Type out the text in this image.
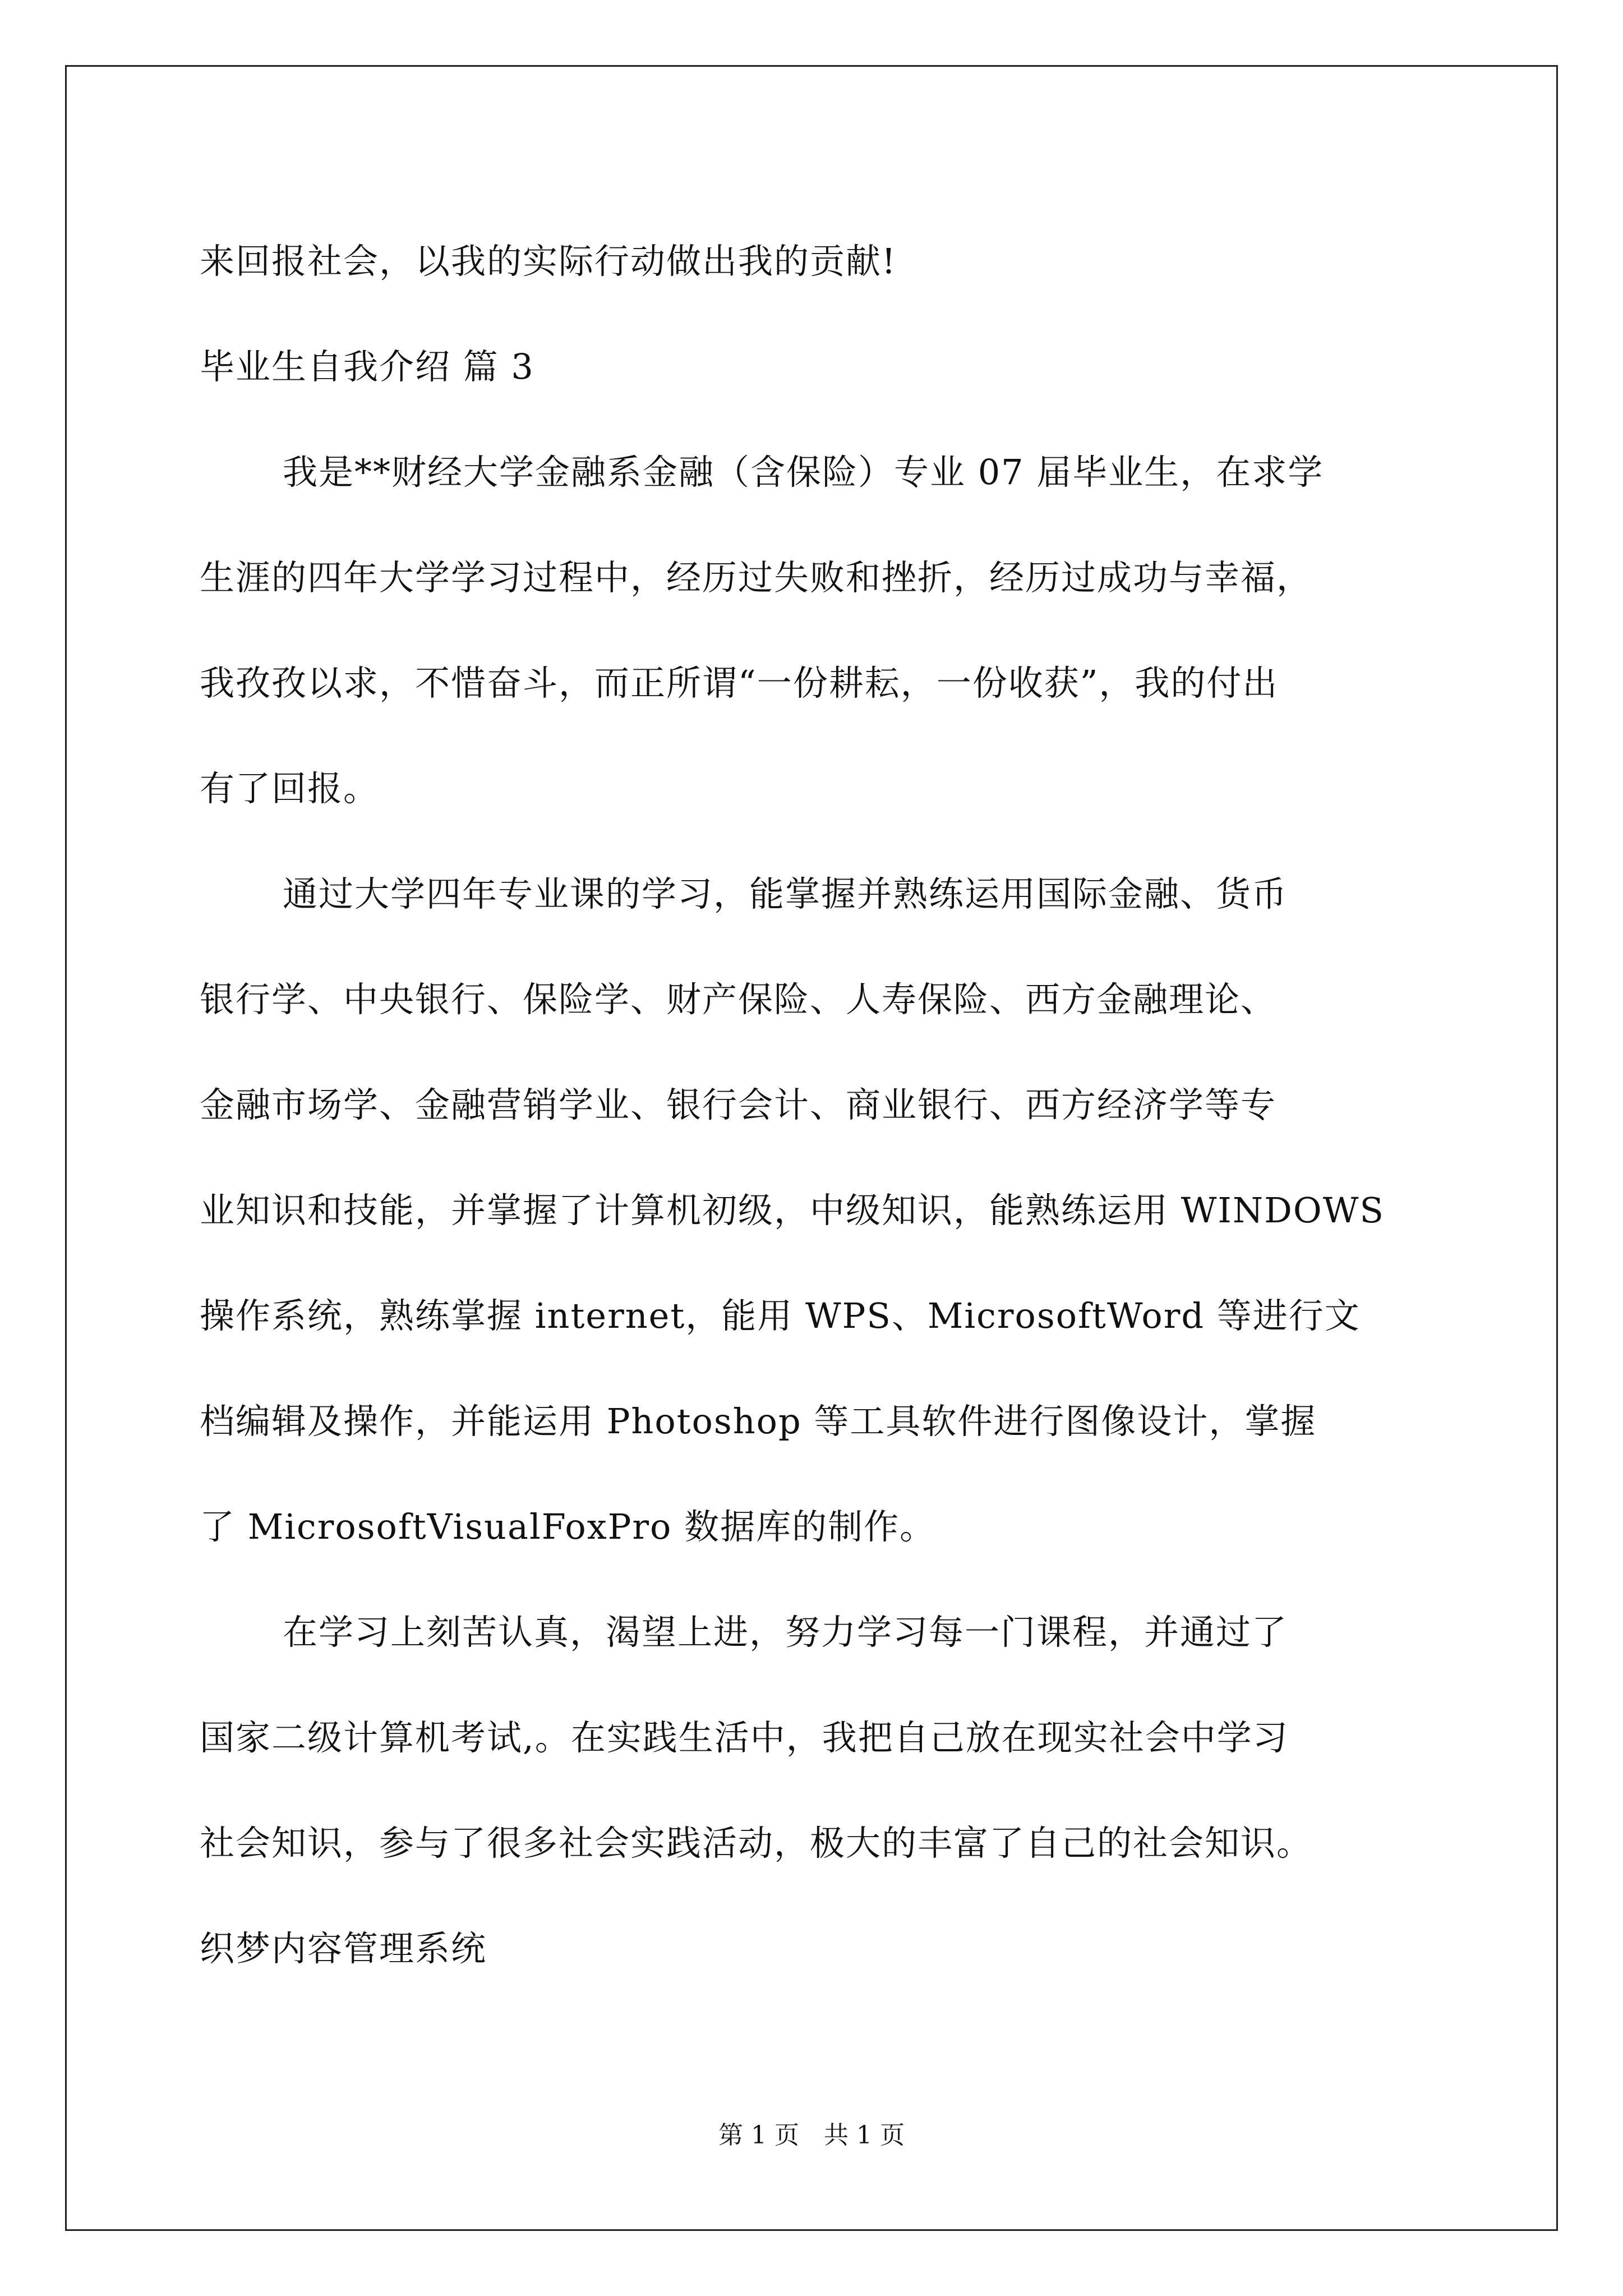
来回报社会，以我的实际行动做出我的贡献!
毕业生自我介绍 篇 3
我是**财经大学金融系金融（含保险）专业 07 届毕业生，在求学
生涯的四年大学学习过程中，经历过失败和挫折，经历过成功与幸福，
我孜孜以求，不惜奋斗，而正所谓“一份耕耘，一份收获”，我的付出
有了回报。
通过大学四年专业课的学习，能掌握并熟练运用国际金融、货币
银行学、中央银行、保险学、财产保险、人寿保险、西方金融理论、
金融市场学、金融营销学业、银行会计、商业银行、西方经济学等专
业知识和技能，并掌握了计算机初级，中级知识，能熟练运用 WINDOWS
操作系统，熟练掌握 internet，能用 WPS、MicrosoftWord 等进行文
档编辑及操作，并能运用 Photoshop 等工具软件进行图像设计，掌握
了 MicrosoftVisualFoxPro 数据库的制作。
在学习上刻苦认真，渴望上进，努力学习每一门课程，并通过了
国家二级计算机考试,。在实践生活中，我把自己放在现实社会中学习
社会知识，参与了很多社会实践活动，极大的丰富了自己的社会知识。
织梦内容管理系统
第 1 页　共 1 页
